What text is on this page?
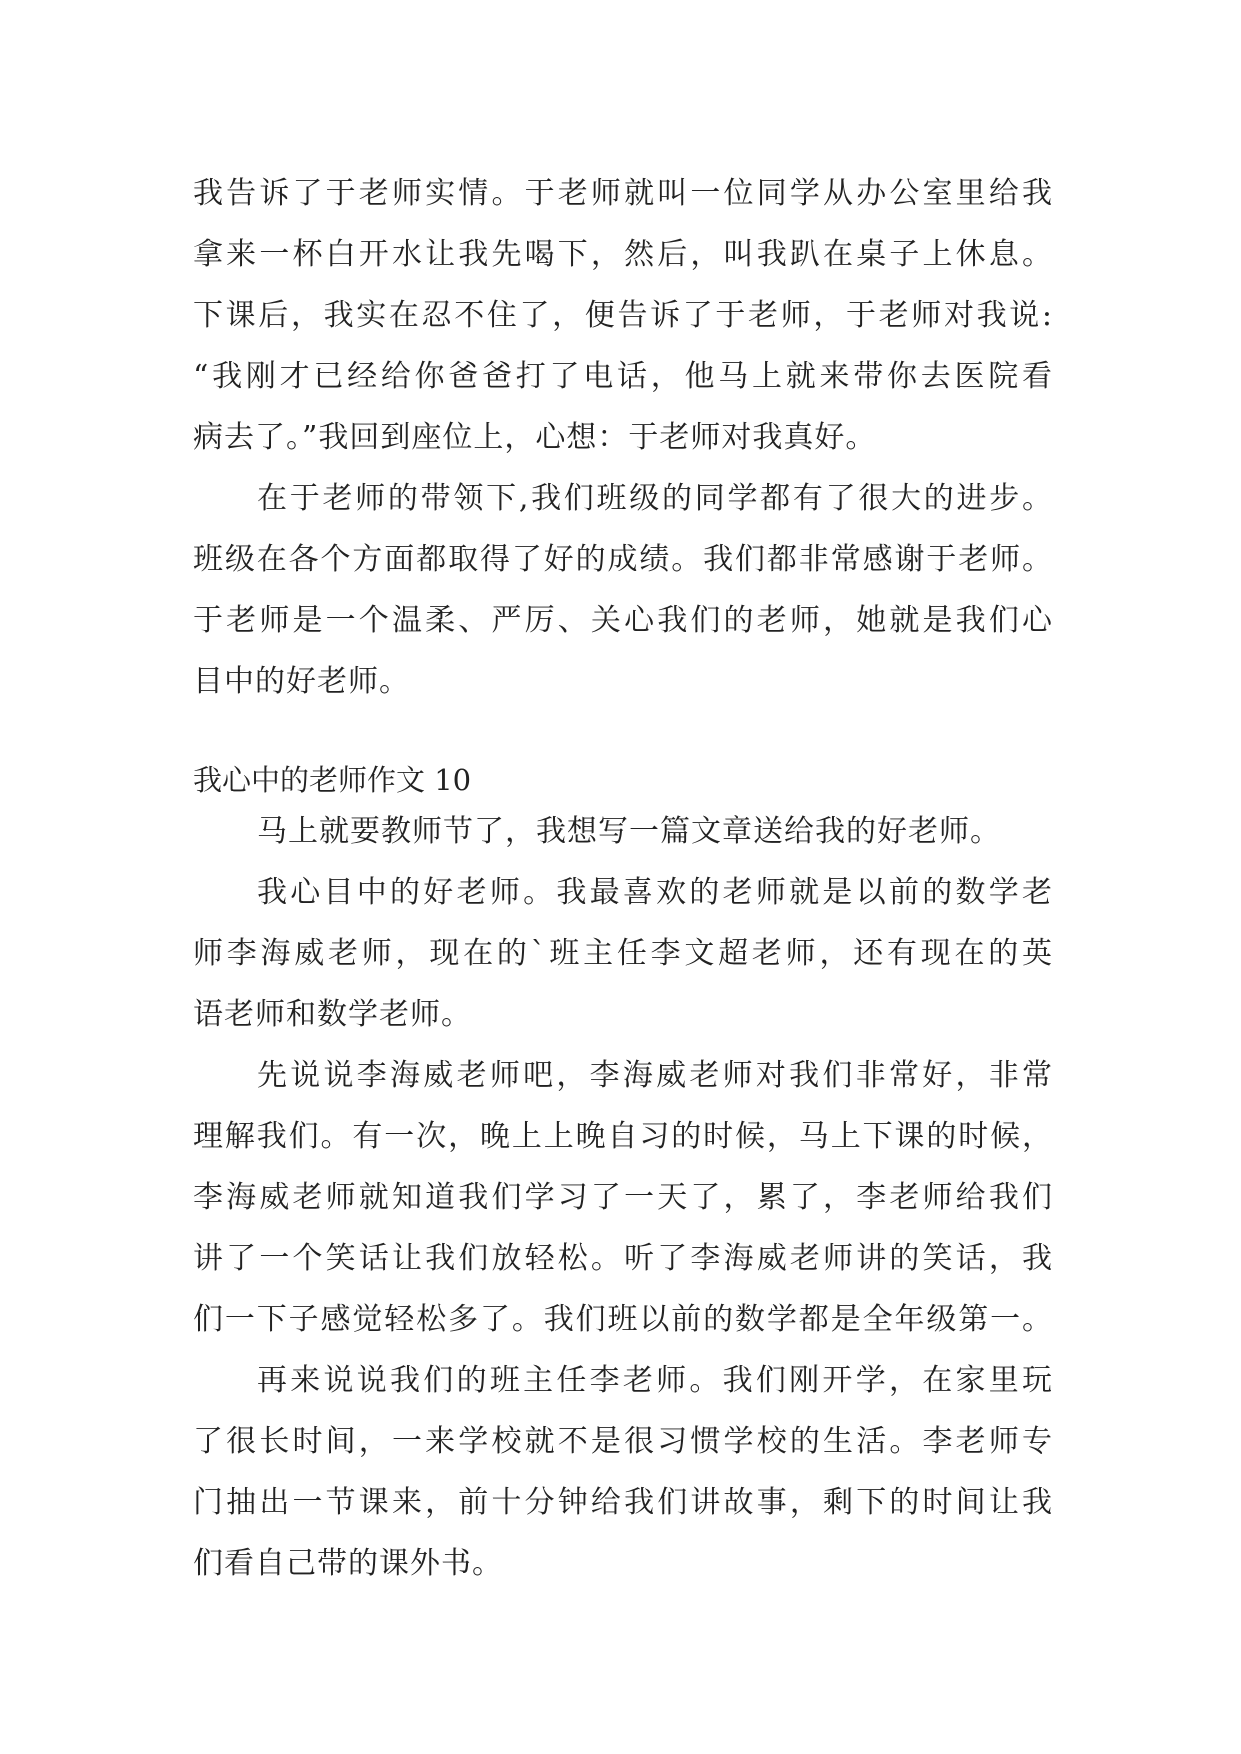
我告诉了于老师实情。于老师就叫一位同学从办公室里给我
拿来一杯白开水让我先喝下，然后，叫我趴在桌子上休息。
下课后，我实在忍不住了，便告诉了于老师，于老师对我说:
“我刚才已经给你爸爸打了电话，他马上就来带你去医院看
病去了。”我回到座位上，心想：于老师对我真好。
在于老师的带领下,我们班级的同学都有了很大的进步。
班级在各个方面都取得了好的成绩。我们都非常感谢于老师。
于老师是一个温柔、严厉、关心我们的老师，她就是我们心
目中的好老师。
我心中的老师作文 10
马上就要教师节了，我想写一篇文章送给我的好老师。
我心目中的好老师。我最喜欢的老师就是以前的数学老
师李海威老师，现在的`班主任李文超老师，还有现在的英
语老师和数学老师。
先说说李海威老师吧，李海威老师对我们非常好，非常
理解我们。有一次，晚上上晚自习的时候，马上下课的时候，
李海威老师就知道我们学习了一天了，累了，李老师给我们
讲了一个笑话让我们放轻松。听了李海威老师讲的笑话，我
们一下子感觉轻松多了。我们班以前的数学都是全年级第一。
再来说说我们的班主任李老师。我们刚开学，在家里玩
了很长时间，一来学校就不是很习惯学校的生活。李老师专
门抽出一节课来，前十分钟给我们讲故事，剩下的时间让我
们看自己带的课外书。
